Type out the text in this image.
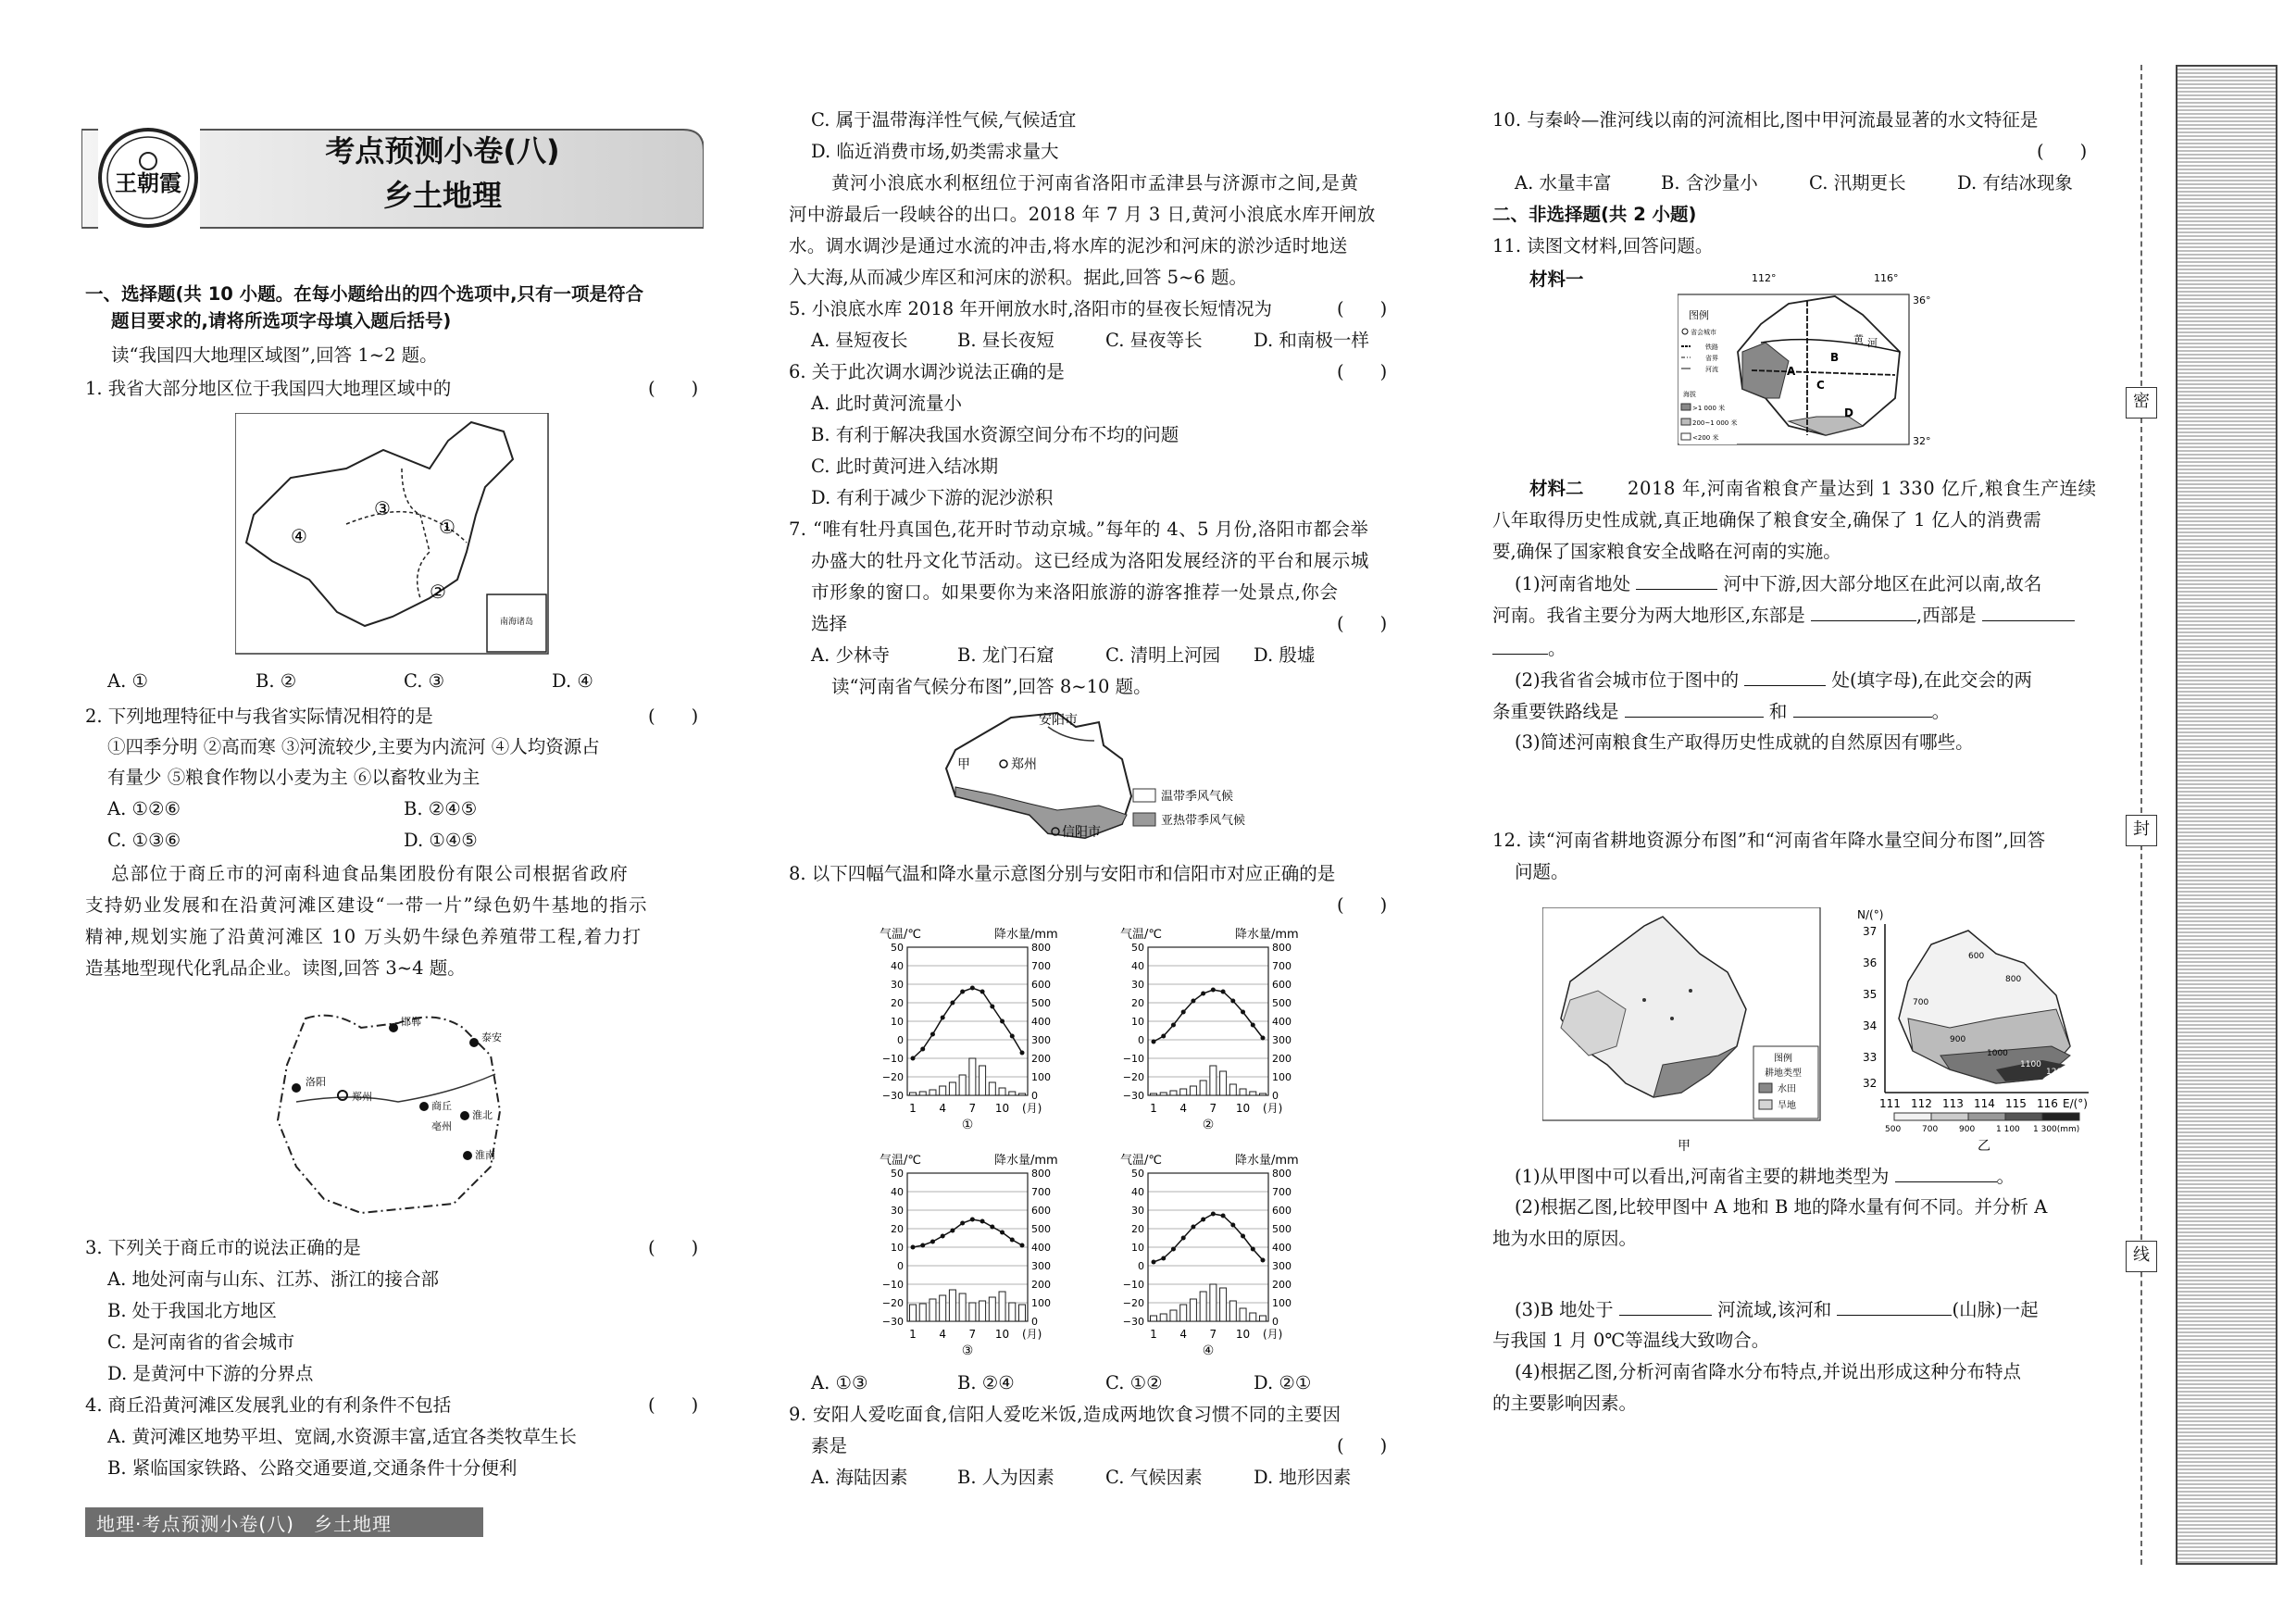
王朝霞
考点预测小卷(八)
乡土地理
一、选择题(共 10 小题。在每小题给出的四个选项中,只有一项是符合
题目要求的,请将所选项字母填入题后括号)
读“我国四大地理区域图”,回答 1~2 题。
1. 我省大部分地区位于我国四大地理区域中的	(　　)
③
①
④
②
南海诸岛
A. ①	B. ②	C. ③	D. ④
2. 下列地理特征中与我省实际情况相符的是	(　　)
①四季分明 ②高而寒 ③河流较少,主要为内流河 ④人均资源占
有量少 ⑤粮食作物以小麦为主 ⑥以畜牧业为主
A. ①②⑥	B. ②④⑤
C. ①③⑥	D. ①④⑤
总部位于商丘市的河南科迪食品集团股份有限公司根据省政府
支持奶业发展和在沿黄河滩区建设“一带一片”绿色奶牛基地的指示
精神,规划实施了沿黄河滩区 10 万头奶牛绿色养殖带工程,着力打
造基地型现代化乳品企业。读图,回答 3~4 题。
邯郸
泰安
洛阳
郑州
商丘
亳州
淮北
淮南
3. 下列关于商丘市的说法正确的是	(　　)
A. 地处河南与山东、江苏、浙江的接合部
B. 处于我国北方地区
C. 是河南省的省会城市
D. 是黄河中下游的分界点
4. 商丘沿黄河滩区发展乳业的有利条件不包括	(　　)
A. 黄河滩区地势平坦、宽阔,水资源丰富,适宜各类牧草生长
B. 紧临国家铁路、公路交通要道,交通条件十分便利
地理·考点预测小卷(八)　乡土地理
C. 属于温带海洋性气候,气候适宜
D. 临近消费市场,奶类需求量大
黄河小浪底水利枢纽位于河南省洛阳市孟津县与济源市之间,是黄
河中游最后一段峡谷的出口。2018 年 7 月 3 日,黄河小浪底水库开闸放
水。调水调沙是通过水流的冲击,将水库的泥沙和河床的淤沙适时地送
入大海,从而减少库区和河床的淤积。据此,回答 5~6 题。
5. 小浪底水库 2018 年开闸放水时,洛阳市的昼夜长短情况为	(　　)
A. 昼短夜长	B. 昼长夜短	C. 昼夜等长	D. 和南极一样
6. 关于此次调水调沙说法正确的是	(　　)
A. 此时黄河流量小
B. 有利于解决我国水资源空间分布不均的问题
C. 此时黄河进入结冰期
D. 有利于减少下游的泥沙淤积
7. “唯有牡丹真国色,花开时节动京城。”每年的 4、5 月份,洛阳市都会举
办盛大的牡丹文化节活动。这已经成为洛阳发展经济的平台和展示城
市形象的窗口。如果要你为来洛阳旅游的游客推荐一处景点,你会
选择	(　　)
A. 少林寺	B. 龙门石窟	C. 清明上河园 D. 殷墟
读“河南省气候分布图”,回答 8~10 题。
安阳市
甲	郑州
信阳市
温带季风气候
亚热带季风气候
8. 以下四幅气温和降水量示意图分别与安阳市和信阳市对应正确的是
(　　)
气温/℃	降水量/mm
50	800
40	700
30	600
20	500
10	400
0	300
−10	200
−20	100
−30	0
1 4 7 10 (月)
①
气温/℃	降水量/mm
50	800
40	700
30	600
20	500
10	400
0	300
−10	200
−20	100
−30	0
1 4 7 10 (月)
②
气温/℃	降水量/mm
50	800
40	700
30	600
20	500
10	400
0	300
−10	200
−20	100
−30	0
1 4 7 10 (月)
③
气温/℃	降水量/mm
50	800
40	700
30	600
20	500
10	400
0	300
−10	200
−20	100
−30	0
1 4 7 10 (月)
④
A. ①③	B. ②④	C. ①②	D. ②①
9. 安阳人爱吃面食,信阳人爱吃米饭,造成两地饮食习惯不同的主要因
素是	(　　)
A. 海陆因素	B. 人为因素	C. 气候因素	D. 地形因素
10. 与秦岭—淮河线以南的河流相比,图中甲河流最显著的水文特征是
(　　)
A. 水量丰富	B. 含沙量小	C. 汛期更长	D. 有结冰现象
二、非选择题(共 2 小题)
11. 读图文材料,回答问题。
材料一	112°	116°
36°
32°
A
B
C
D
黄 河
图例
省会城市
铁路
省界
河流
海拔
>1 000 米
200~1 000 米
<200 米
材料二 2018 年,河南省粮食产量达到 1 330 亿斤,粮食生产连续
八年取得历史性成就,真正地确保了粮食安全,确保了 1 亿人的消费需
要,确保了国家粮食安全战略在河南的实施。
(1)河南省地处	河中下游,因大部分地区在此河以南,故名
河南。我省主要分为两大地形区,东部是	,西部是
。
(2)我省省会城市位于图中的	处(填字母),在此交会的两
条重要铁路线是	和	。
(3)简述河南粮食生产取得历史性成就的自然原因有哪些。
12. 读“河南省耕地资源分布图”和“河南省年降水量空间分布图”,回答
问题。
图例
耕地类型
水田
旱地
甲
N/(°)
37
36
35
34
33
32
600
700
800
900
1000
1100
1200
111 112 113 114 115 116 E/(°)
500	700	900	1 100 1 300(mm)
乙
(1)从甲图中可以看出,河南省主要的耕地类型为	。
(2)根据乙图,比较甲图中 A 地和 B 地的降水量有何不同。并分析 A
地为水田的原因。
(3)B 地处于	河流域,该河和	(山脉)一起
与我国 1 月 0℃等温线大致吻合。
(4)根据乙图,分析河南省降水分布特点,并说出形成这种分布特点
的主要影响因素。
密
封
线
